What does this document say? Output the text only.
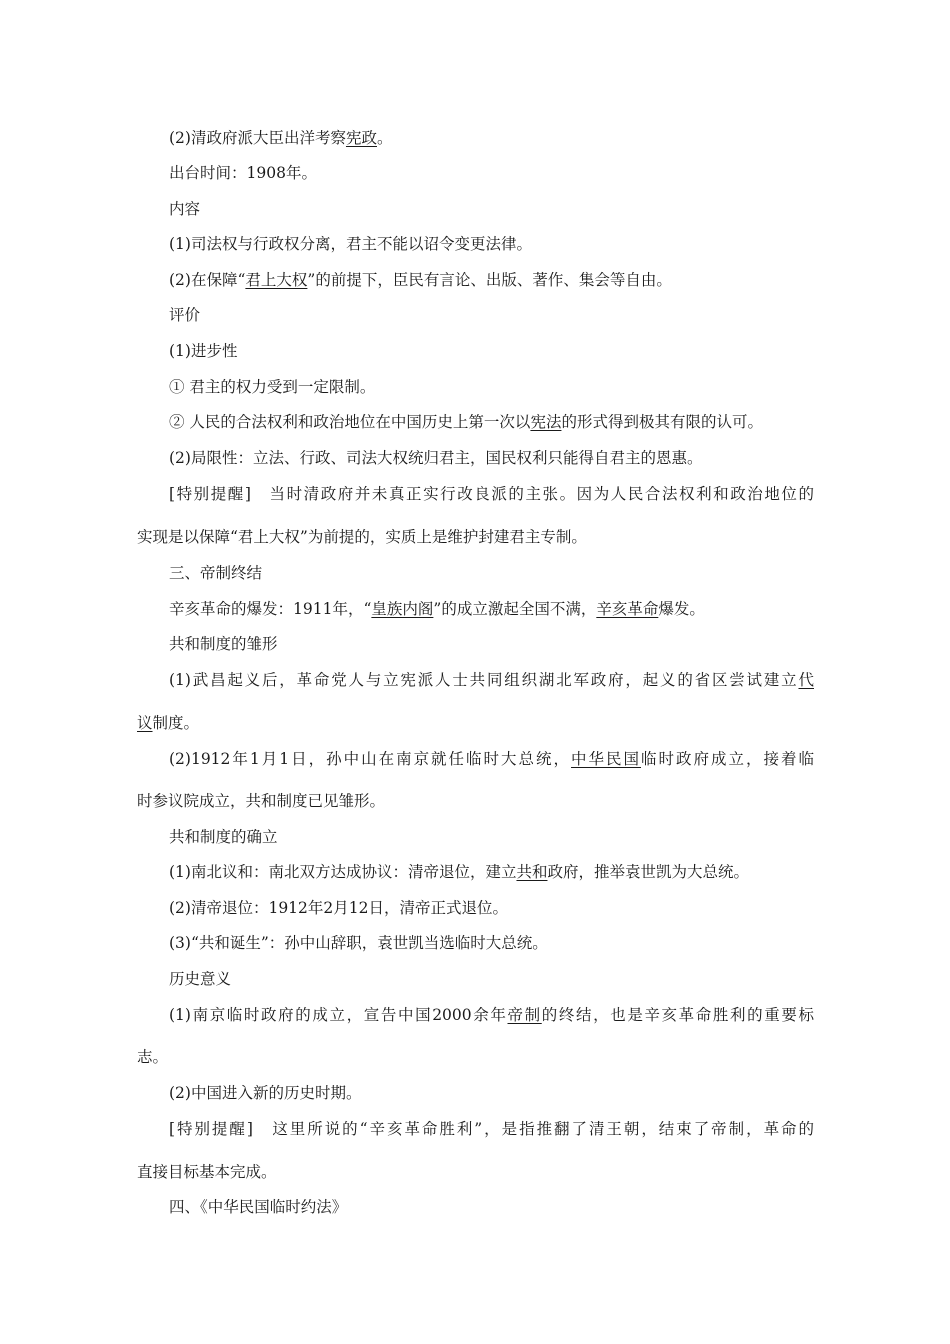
(2)清政府派大臣出洋考察宪政。

出台时间：1908年。

内容

(1)司法权与行政权分离，君主不能以诏令变更法律。

(2)在保障“君上大权”的前提下，臣民有言论、出版、著作、集会等自由。

评价

(1)进步性

① 君主的权力受到一定限制。

② 人民的合法权利和政治地位在中国历史上第一次以宪法的形式得到极其有限的认可。

(2)局限性：立法、行政、司法大权统归君主，国民权利只能得自君主的恩惠。

[特别提醒]　当时清政府并未真正实行改良派的主张。因为人民合法权利和政治地位的

实现是以保障“君上大权”为前提的，实质上是维护封建君主专制。

三、帝制终结

辛亥革命的爆发：1911年，“皇族内阁”的成立激起全国不满，辛亥革命爆发。

共和制度的雏形

(1)武昌起义后，革命党人与立宪派人士共同组织湖北军政府，起义的省区尝试建立代

议制度。

(2)1912年1月1日，孙中山在南京就任临时大总统，中华民国临时政府成立，接着临

时参议院成立，共和制度已见雏形。

共和制度的确立

(1)南北议和：南北双方达成协议：清帝退位，建立共和政府，推举袁世凯为大总统。

(2)清帝退位：1912年2月12日，清帝正式退位。

(3)“共和诞生”：孙中山辞职，袁世凯当选临时大总统。

历史意义

(1)南京临时政府的成立，宣告中国2000余年帝制的终结，也是辛亥革命胜利的重要标

志。

(2)中国进入新的历史时期。

[特别提醒]　这里所说的“辛亥革命胜利”，是指推翻了清王朝，结束了帝制，革命的

直接目标基本完成。

四、《中华民国临时约法》
